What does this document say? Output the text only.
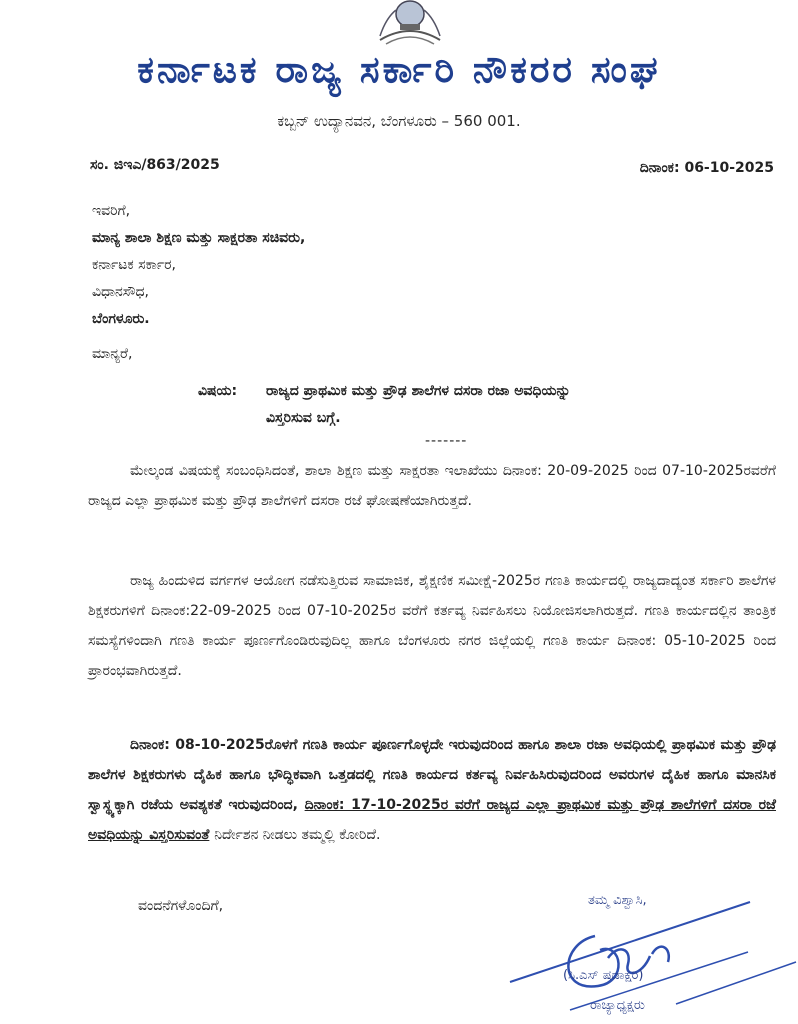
ಕರ್ನಾಟಕ ರಾಜ್ಯ ಸರ್ಕಾರಿ ನೌಕರರ ಸಂಘ
ಕಬ್ಬನ್ ಉದ್ಯಾನವನ, ಬೆಂಗಳೂರು – 560 001.
ಸಂ. ಜಿಇಎ/863/2025	ದಿನಾಂಕ: 06-10-2025
ಇವರಿಗೆ,
ಮಾನ್ಯ ಶಾಲಾ ಶಿಕ್ಷಣ ಮತ್ತು ಸಾಕ್ಷರತಾ ಸಚಿವರು,
ಕರ್ನಾಟಕ ಸರ್ಕಾರ,
ವಿಧಾನಸೌಧ,
ಬೆಂಗಳೂರು.
ಮಾನ್ಯರೆ,
ವಿಷಯ: ರಾಜ್ಯದ ಪ್ರಾಥಮಿಕ ಮತ್ತು ಪ್ರೌಢ ಶಾಲೆಗಳ ದಸರಾ ರಜಾ ಅವಧಿಯನ್ನು
ವಿಸ್ತರಿಸುವ ಬಗ್ಗೆ.
-------
ಮೇಲ್ಕಂಡ ವಿಷಯಕ್ಕೆ ಸಂಬಂಧಿಸಿದಂತೆ, ಶಾಲಾ ಶಿಕ್ಷಣ ಮತ್ತು ಸಾಕ್ಷರತಾ ಇಲಾಖೆಯು ದಿನಾಂಕ: 20-09-2025 ರಿಂದ 07-10-2025ರವರೆಗೆ ರಾಜ್ಯದ ಎಲ್ಲಾ ಪ್ರಾಥಮಿಕ ಮತ್ತು ಪ್ರೌಢ ಶಾಲೆಗಳಿಗೆ ದಸರಾ ರಜೆ ಘೋಷಣೆಯಾಗಿರುತ್ತದೆ.
ರಾಜ್ಯ ಹಿಂದುಳಿದ ವರ್ಗಗಳ ಆಯೋಗ ನಡೆಸುತ್ತಿರುವ ಸಾಮಾಜಿಕ, ಶೈಕ್ಷಣಿಕ ಸಮೀಕ್ಷೆ-2025ರ ಗಣತಿ ಕಾರ್ಯದಲ್ಲಿ ರಾಜ್ಯದಾದ್ಯಂತ ಸರ್ಕಾರಿ ಶಾಲೆಗಳ ಶಿಕ್ಷಕರುಗಳಿಗೆ ದಿನಾಂಕ:22-09-2025 ರಿಂದ 07-10-2025ರ ವರೆಗೆ ಕರ್ತವ್ಯ ನಿರ್ವಹಿಸಲು ನಿಯೋಜಿಸಲಾಗಿರುತ್ತದೆ. ಗಣತಿ ಕಾರ್ಯದಲ್ಲಿನ ತಾಂತ್ರಿಕ ಸಮಸ್ಯೆಗಳಿಂದಾಗಿ ಗಣತಿ ಕಾರ್ಯ ಪೂರ್ಣಗೊಂಡಿರುವುದಿಲ್ಲ ಹಾಗೂ ಬೆಂಗಳೂರು ನಗರ ಜಿಲ್ಲೆಯಲ್ಲಿ ಗಣತಿ ಕಾರ್ಯ ದಿನಾಂಕ: 05-10-2025 ರಿಂದ ಪ್ರಾರಂಭವಾಗಿರುತ್ತದೆ.
ದಿನಾಂಕ: 08-10-2025ರೊಳಗೆ ಗಣತಿ ಕಾರ್ಯ ಪೂರ್ಣಗೊಳ್ಳದೇ ಇರುವುದರಿಂದ ಹಾಗೂ ಶಾಲಾ ರಜಾ ಅವಧಿಯಲ್ಲಿ ಪ್ರಾಥಮಿಕ ಮತ್ತು ಪ್ರೌಢ ಶಾಲೆಗಳ ಶಿಕ್ಷಕರುಗಳು ದೈಹಿಕ ಹಾಗೂ ಭೌದ್ಧಿಕವಾಗಿ ಒತ್ತಡದಲ್ಲಿ ಗಣತಿ ಕಾರ್ಯದ ಕರ್ತವ್ಯ ನಿರ್ವಹಿಸಿರುವುದರಿಂದ ಅವರುಗಳ ದೈಹಿಕ ಹಾಗೂ ಮಾನಸಿಕ ಸ್ವಾಸ್ಥ್ಯಕ್ಕಾಗಿ ರಜೆಯ ಅವಶ್ಯಕತೆ ಇರುವುದರಿಂದ, ದಿನಾಂಕ: 17-10-2025ರ ವರೆಗೆ ರಾಜ್ಯದ ಎಲ್ಲಾ ಪ್ರಾಥಮಿಕ ಮತ್ತು ಪ್ರೌಢ ಶಾಲೆಗಳಿಗೆ ದಸರಾ ರಜೆ ಅವಧಿಯನ್ನು ವಿಸ್ತರಿಸುವಂತೆ ನಿರ್ದೇಶನ ನೀಡಲು ತಮ್ಮಲ್ಲಿ ಕೋರಿದೆ.
ವಂದನೆಗಳೊಂದಿಗೆ,	ತಮ್ಮ ವಿಶ್ವಾಸಿ,
(ಸಿ.ಎಸ್ ಷಡಾಕ್ಷರಿ)
ರಾಜ್ಯಾಧ್ಯಕ್ಷರು
